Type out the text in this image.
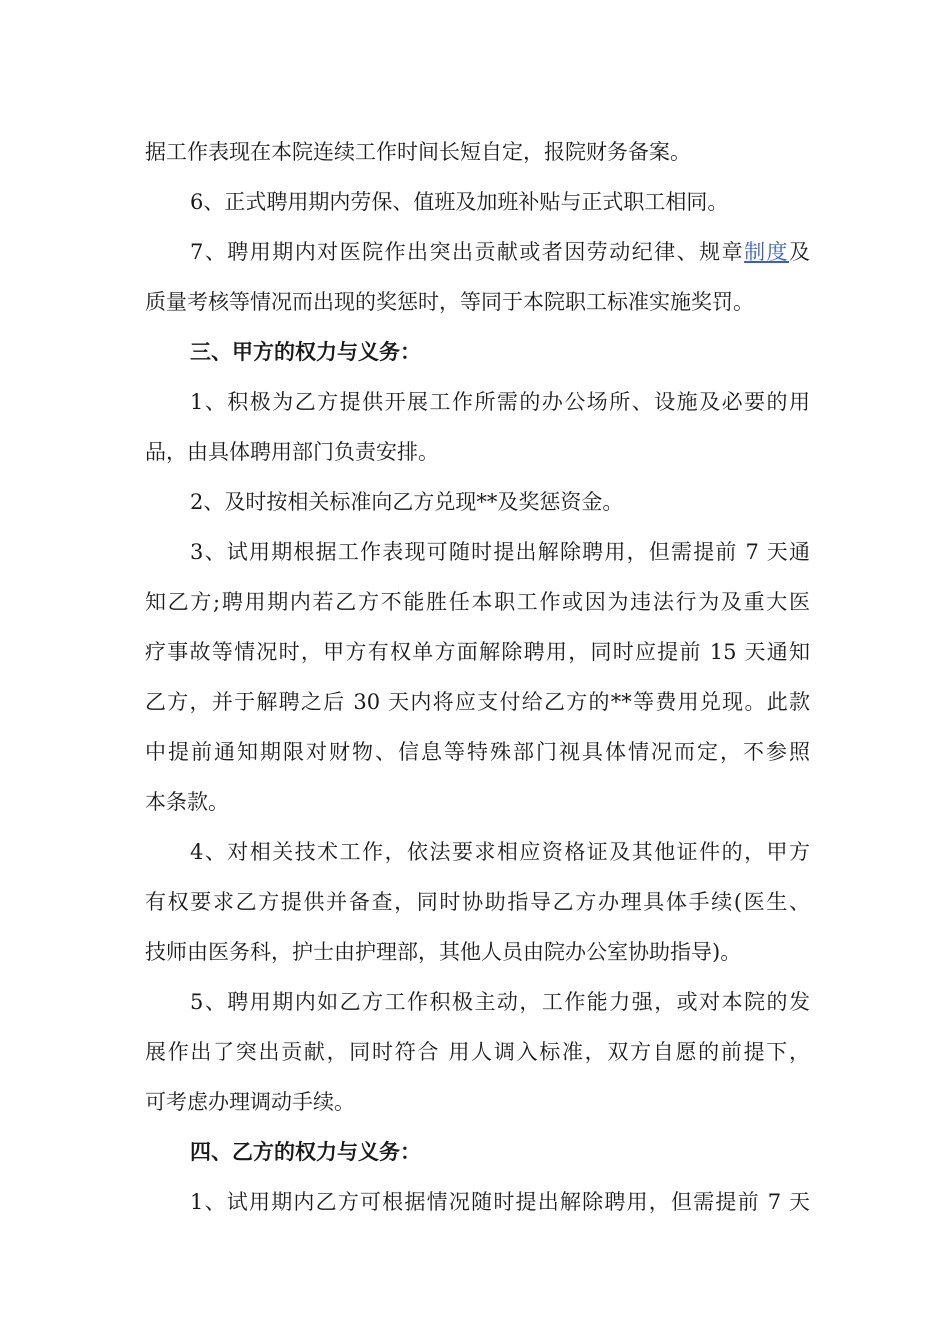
据工作表现在本院连续工作时间长短自定，报院财务备案。
6、正式聘用期内劳保、值班及加班补贴与正式职工相同。
7、聘用期内对医院作出突出贡献或者因劳动纪律、规章制度及
质量考核等情况而出现的奖惩时，等同于本院职工标准实施奖罚。
三、甲方的权力与义务：
1、积极为乙方提供开展工作所需的办公场所、设施及必要的用
品，由具体聘用部门负责安排。
2、及时按相关标准向乙方兑现**及奖惩资金。
3、试用期根据工作表现可随时提出解除聘用，但需提前 7 天通
知乙方;聘用期内若乙方不能胜任本职工作或因为违法行为及重大医
疗事故等情况时，甲方有权单方面解除聘用，同时应提前 15 天通知
乙方，并于解聘之后 30 天内将应支付给乙方的**等费用兑现。此款
中提前通知期限对财物、信息等特殊部门视具体情况而定，不参照
本条款。
4、对相关技术工作，依法要求相应资格证及其他证件的，甲方
有权要求乙方提供并备查，同时协助指导乙方办理具体手续(医生、
技师由医务科，护士由护理部，其他人员由院办公室协助指导)。
5、聘用期内如乙方工作积极主动，工作能力强，或对本院的发
展作出了突出贡献，同时符合 用人调入标准，双方自愿的前提下，
可考虑办理调动手续。
四、乙方的权力与义务：
1、试用期内乙方可根据情况随时提出解除聘用，但需提前 7 天
